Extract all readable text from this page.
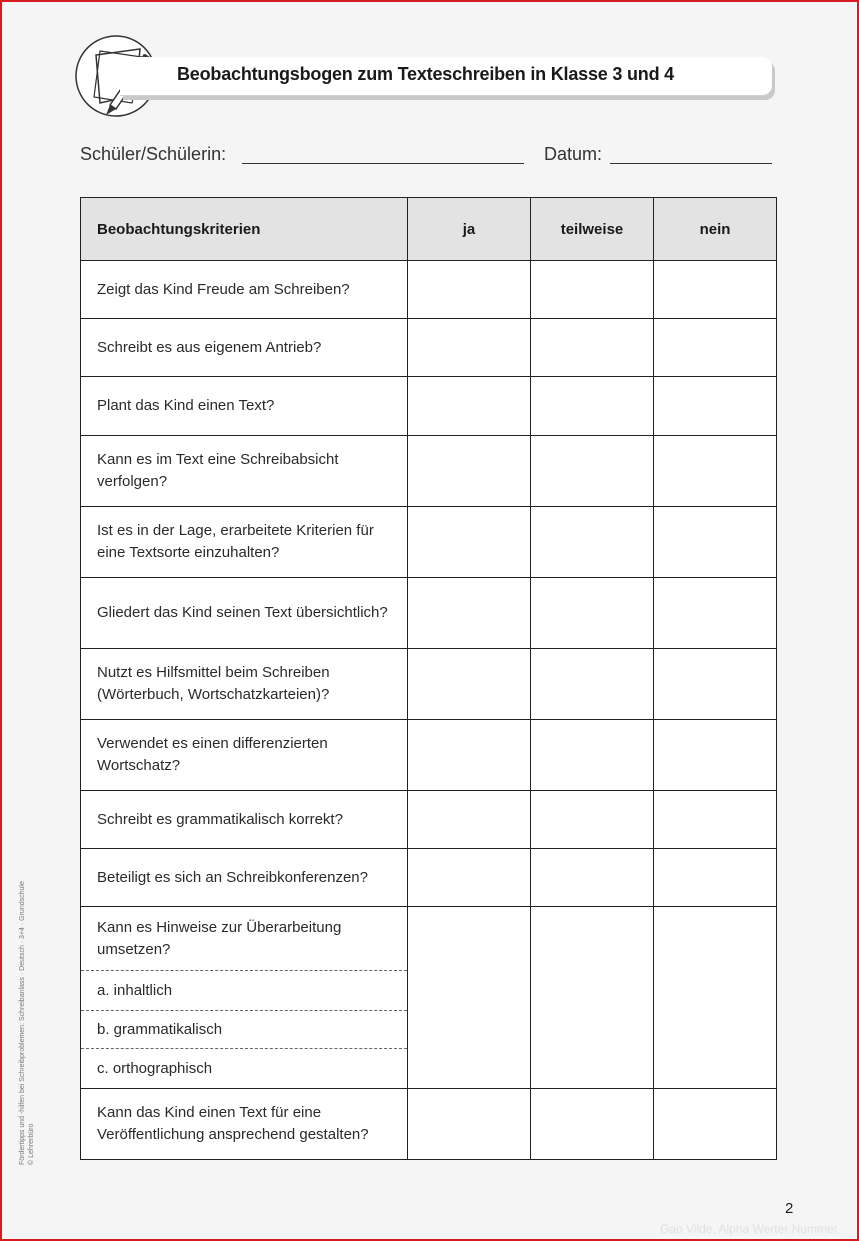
Beobachtungsbogen zum Texteschreiben in Klasse 3 und 4
Schüler/Schülerin:	Datum:
Beobachtungskriterien	ja	teilweise	nein
Zeigt das Kind Freude am Schreiben?			
Schreibt es aus eigenem Antrieb?			
Plant das Kind einen Text?			
Kann es im Text eine Schreibabsicht verfolgen?			
Ist es in der Lage, erarbeitete Kriterien für eine Textsorte einzuhalten?			
Gliedert das Kind seinen Text übersichtlich?			
Nutzt es Hilfsmittel beim Schreiben (Wörterbuch, Wortschatzkarteien)?			
Verwendet es einen differenzierten Wortschatz?			
Schreibt es grammatikalisch korrekt?			
Beteiligt es sich an Schreibkonferenzen?			
Kann es Hinweise zur Überarbeitung umsetzen?			
a. inhaltlich			
b. grammatikalisch			
c. orthographisch			
Kann das Kind einen Text für eine Veröffentlichung ansprechend gestalten?			
Fördertipps und -hilfen bei Schreibproblemen: Schreibanlass · Deutsch · 3+4 · Grundschule © Lehrerbüro
2
Gao Vilde, Alpha Werter Nummer
